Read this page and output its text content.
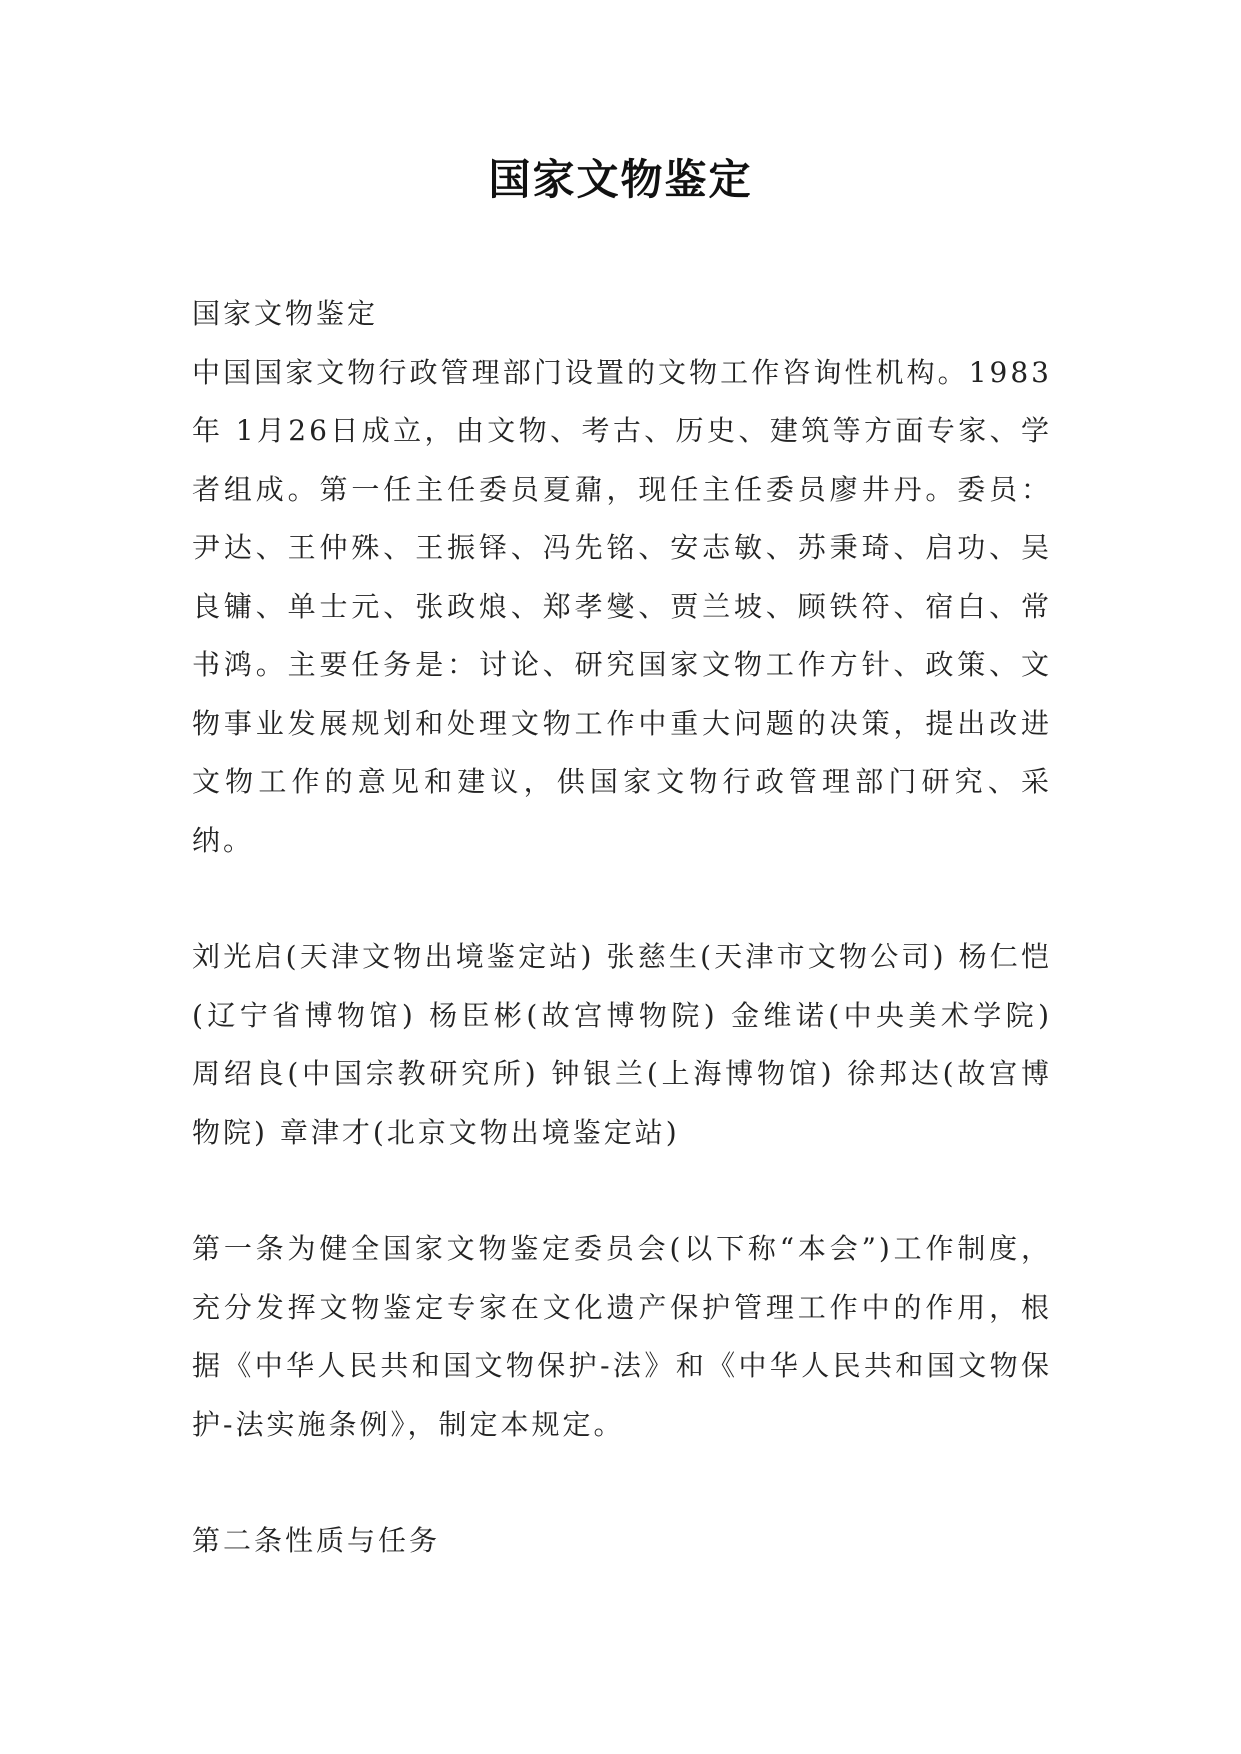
国家文物鉴定

国家文物鉴定

中国国家文物行政管理部门设置的文物工作咨询性机构。1983年 1月26日成立，由文物、考古、历史、建筑等方面专家、学者组成。第一任主任委员夏鼐，现任主任委员廖井丹。委员：尹达、王仲殊、王振铎、冯先铭、安志敏、苏秉琦、启功、吴良镛、单士元、张政烺、郑孝燮、贾兰坡、顾铁符、宿白、常书鸿。主要任务是：讨论、研究国家文物工作方针、政策、文物事业发展规划和处理文物工作中重大问题的决策，提出改进文物工作的意见和建议，供国家文物行政管理部门研究、采纳。

刘光启(天津文物出境鉴定站) 张慈生(天津市文物公司) 杨仁恺(辽宁省博物馆) 杨臣彬(故宫博物院) 金维诺(中央美术学院) 周绍良(中国宗教研究所) 钟银兰(上海博物馆) 徐邦达(故宫博物院) 章津才(北京文物出境鉴定站)

第一条为健全国家文物鉴定委员会(以下称“本会”)工作制度，充分发挥文物鉴定专家在文化遗产保护管理工作中的作用，根据《中华人民共和国文物保护-法》和《中华人民共和国文物保护-法实施条例》，制定本规定。

第二条性质与任务
